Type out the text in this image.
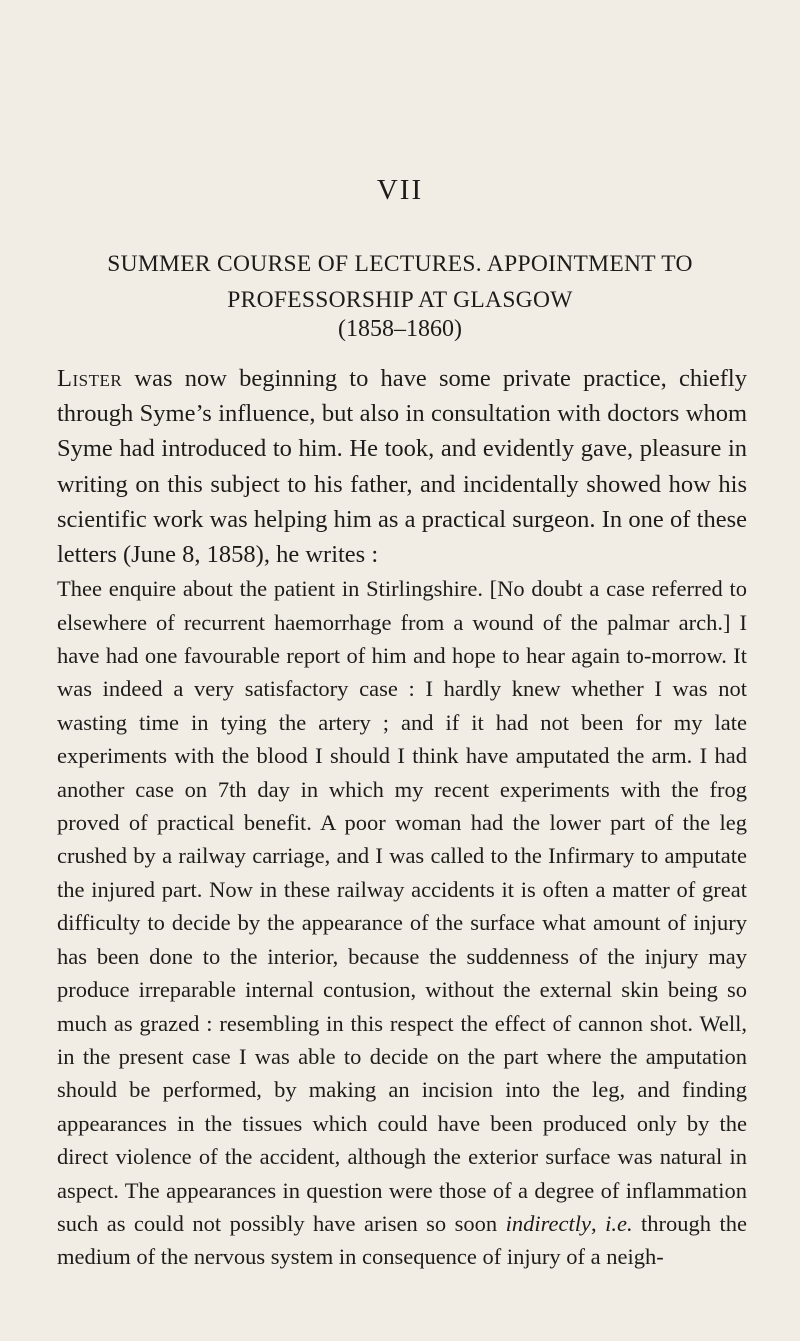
VII
SUMMER COURSE OF LECTURES. APPOINTMENT TO
PROFESSORSHIP AT GLASGOW
(1858–1860)

Lister was now beginning to have some private practice, chiefly through Syme’s influence, but also in consultation with doctors whom Syme had introduced to him. He took, and evidently gave, pleasure in writing on this subject to his father, and incidentally showed how his scientific work was helping him as a practical surgeon. In one of these letters (June 8, 1858), he writes :

Thee enquire about the patient in Stirlingshire. [No doubt a case referred to elsewhere of recurrent haemorrhage from a wound of the palmar arch.] I have had one favourable report of him and hope to hear again to-morrow. It was indeed a very satisfactory case : I hardly knew whether I was not wasting time in tying the artery ; and if it had not been for my late experiments with the blood I should I think have amputated the arm. I had another case on 7th day in which my recent experiments with the frog proved of practical benefit. A poor woman had the lower part of the leg crushed by a railway carriage, and I was called to the Infirmary to amputate the injured part. Now in these railway accidents it is often a matter of great difficulty to decide by the appearance of the surface what amount of injury has been done to the interior, because the suddenness of the injury may produce irreparable internal contusion, without the external skin being so much as grazed : resembling in this respect the effect of cannon shot. Well, in the present case I was able to decide on the part where the amputation should be performed, by making an incision into the leg, and finding appearances in the tissues which could have been produced only by the direct violence of the accident, although the exterior surface was natural in aspect. The appearances in question were those of a degree of inflammation such as could not possibly have arisen so soon indirectly, i.e. through the medium of the nervous system in consequence of injury of a neigh-
